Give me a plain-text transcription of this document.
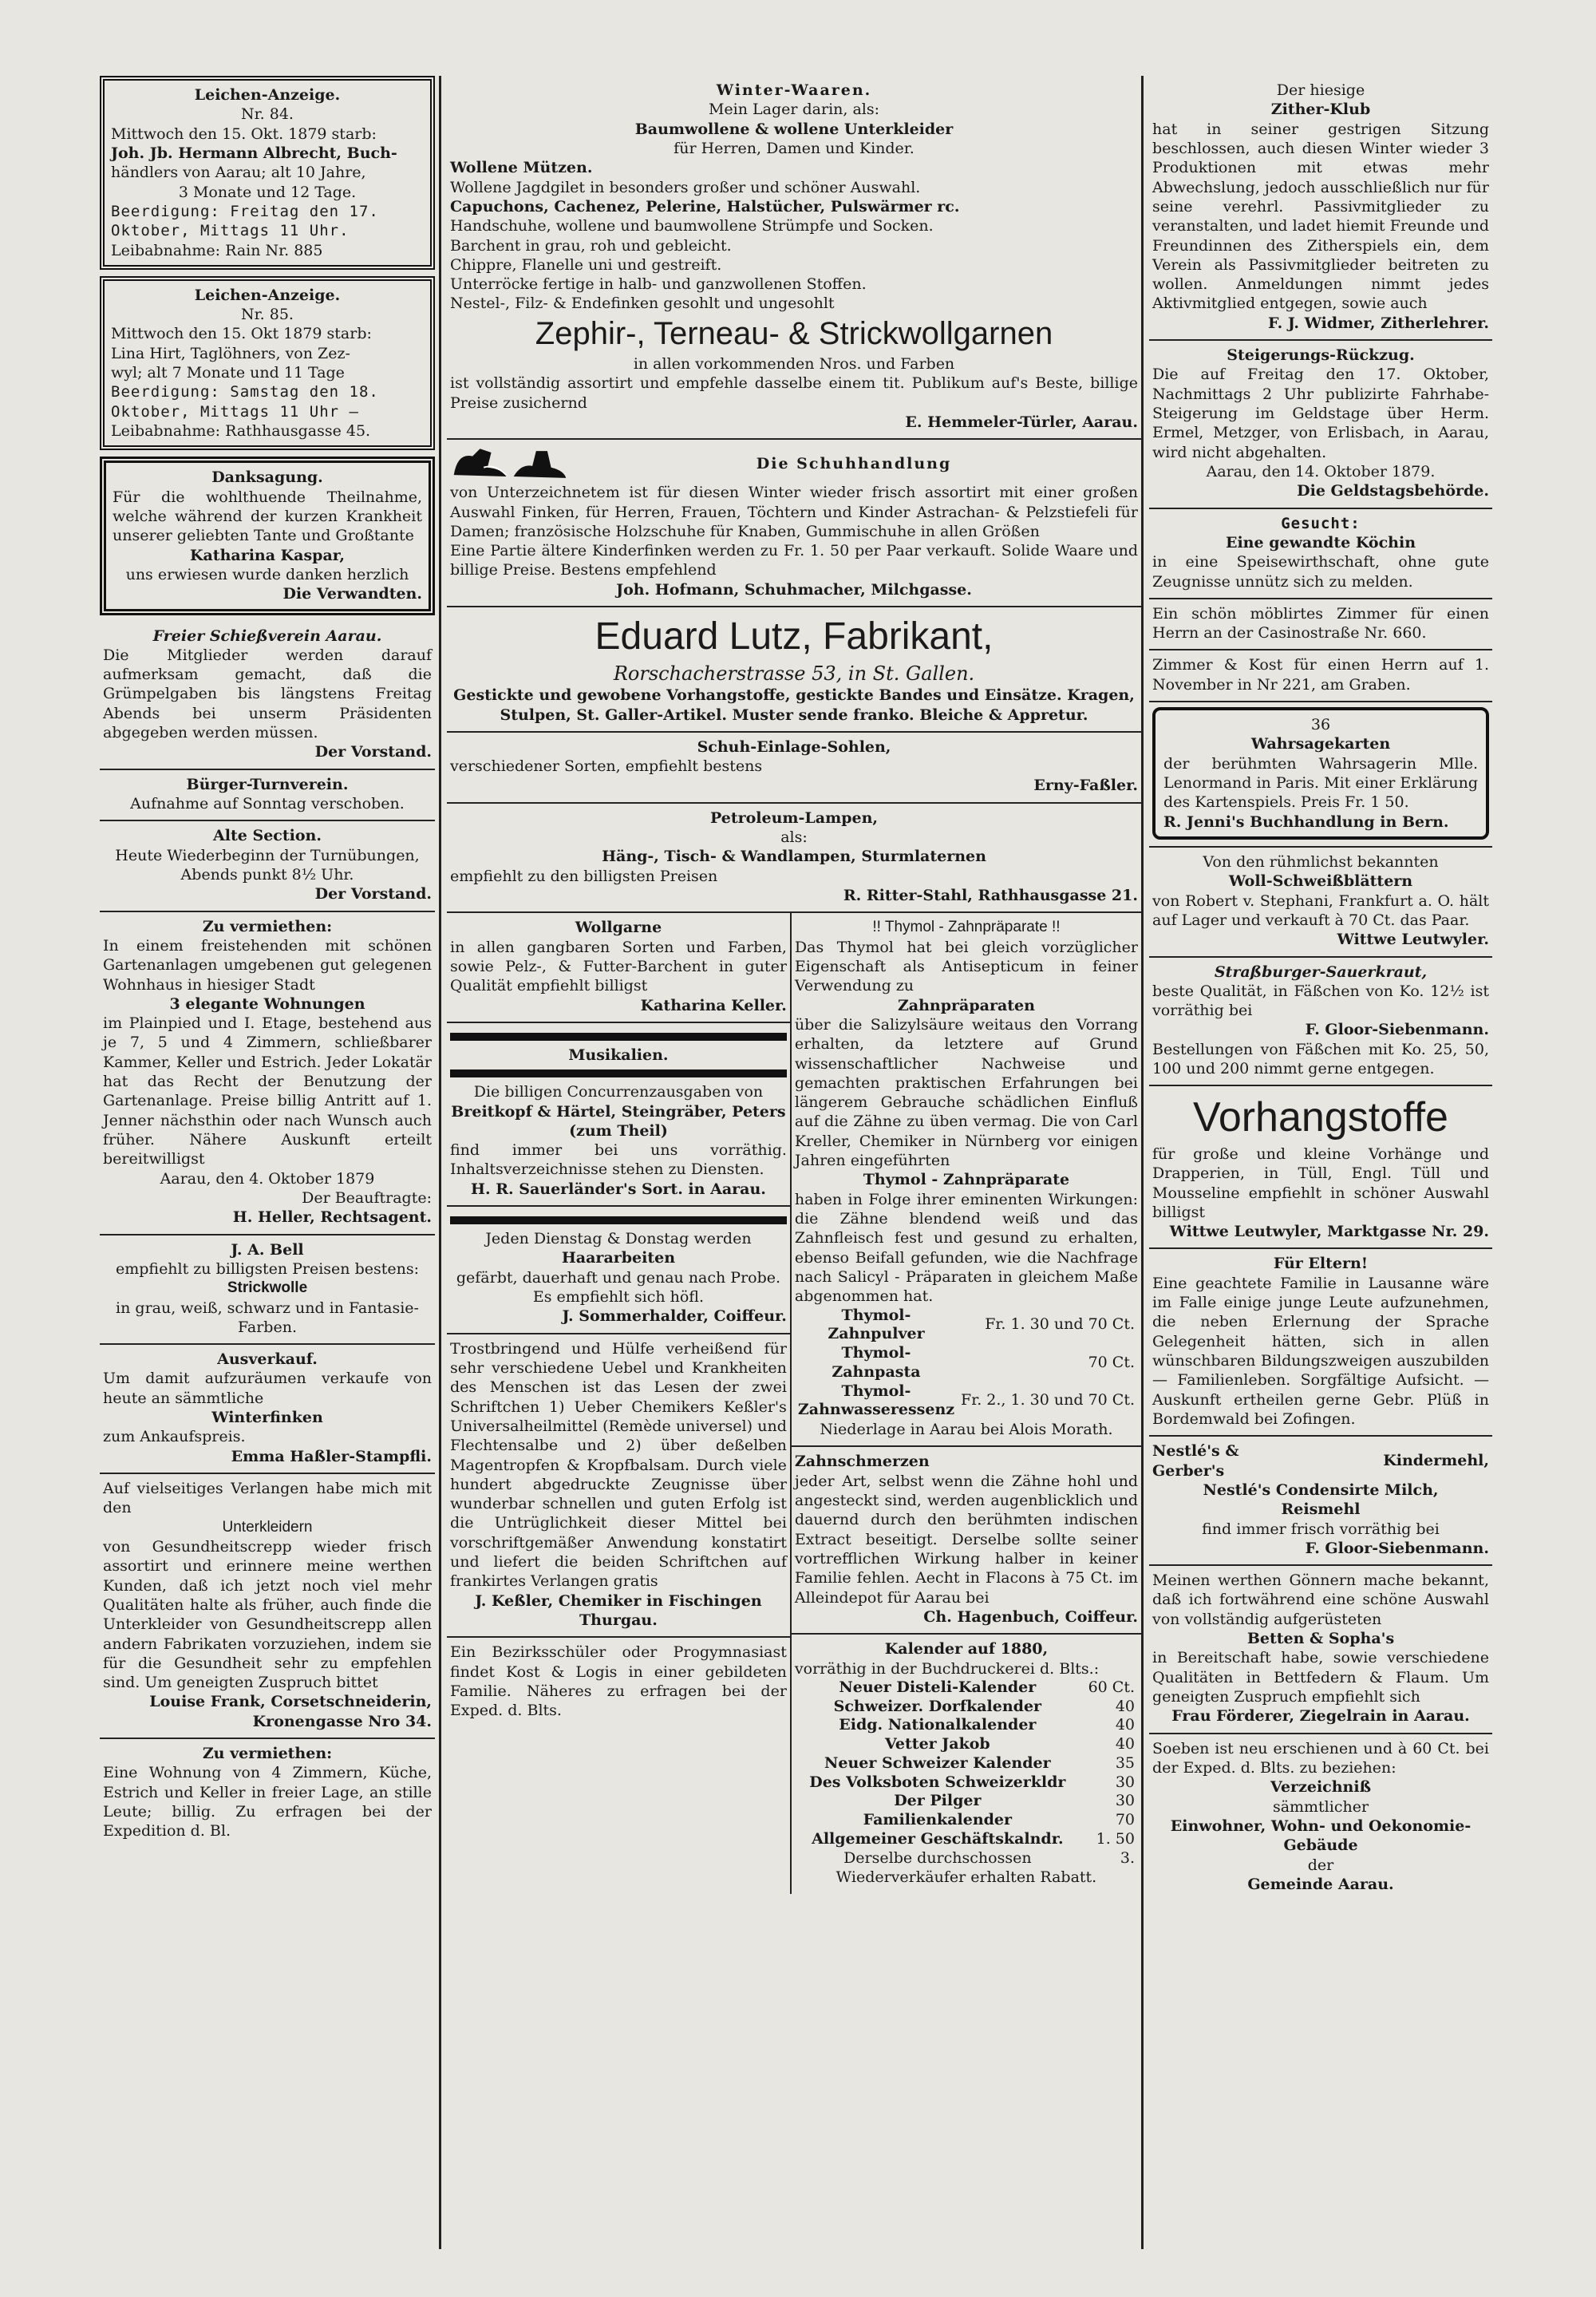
Leichen-Anzeige.

Nr. 84.

Mittwoch den 15. Okt. 1879 starb:

Joh. Jb. Hermann Albrecht, Buch-

händlers von Aarau; alt 10 Jahre,

3 Monate und 12 Tage.

Beerdigung: Freitag den 17.

Oktober, Mittags 11 Uhr.

Leibabnahme: Rain Nr. 885

Leichen-Anzeige.

Nr. 85.

Mittwoch den 15. Okt 1879 starb:

Lina Hirt, Taglöhners, von Zez-

wyl; alt 7 Monate und 11 Tage

Beerdigung: Samstag den 18.

Oktober, Mittags 11 Uhr —

Leibabnahme: Rathhausgasse 45.

Danksagung.

Für die wohlthuende Theilnahme, welche während der kurzen Krankheit unserer geliebten Tante und Großtante

Katharina Kaspar,

uns erwiesen wurde danken herzlich

Die Verwandten.

Freier Schießverein Aarau.

Die Mitglieder werden darauf aufmerksam gemacht, daß die Grümpelgaben bis längstens Freitag Abends bei unserm Präsidenten abgegeben werden müssen.

Der Vorstand.

Bürger-Turnverein.

Aufnahme auf Sonntag verschoben.

Alte Section.

Heute Wiederbeginn der Turnübungen, Abends punkt 8½ Uhr.

Der Vorstand.

Zu vermiethen:

In einem freistehenden mit schönen Gartenanlagen umgebenen gut gelegenen Wohnhaus in hiesiger Stadt

3 elegante Wohnungen

im Plainpied und I. Etage, bestehend aus je 7, 5 und 4 Zimmern, schließbarer Kammer, Keller und Estrich. Jeder Lokatär hat das Recht der Benutzung der Gartenanlage. Preise billig Antritt auf 1. Jenner nächsthin oder nach Wunsch auch früher. Nähere Auskunft erteilt bereitwilligst

Aarau, den 4. Oktober 1879

Der Beauftragte:

H. Heller, Rechtsagent.

J. A. Bell

empfiehlt zu billigsten Preisen bestens:

Strickwolle

in grau, weiß, schwarz und in Fantasie-Farben.

Ausverkauf.

Um damit aufzuräumen verkaufe von heute an sämmtliche

Winterfinken

zum Ankaufspreis.

Emma Haßler-Stampfli.

Auf vielseitiges Verlangen habe mich mit den

Unterkleidern

von Gesundheitscrepp wieder frisch assortirt und erinnere meine werthen Kunden, daß ich jetzt noch viel mehr Qualitäten halte als früher, auch finde die Unterkleider von Gesundheitscrepp allen andern Fabrikaten vorzuziehen, indem sie für die Gesundheit sehr zu empfehlen sind. Um geneigten Zuspruch bittet

Louise Frank, Corsetschneiderin, Kronengasse Nro 34.

Zu vermiethen:

Eine Wohnung von 4 Zimmern, Küche, Estrich und Keller in freier Lage, an stille Leute; billig. Zu erfragen bei der Expedition d. Bl.

Winter-Waaren.

Mein Lager darin, als:

Baumwollene & wollene Unterkleider

für Herren, Damen und Kinder.

Wollene Mützen.

Wollene Jagdgilet in besonders großer und schöner Auswahl.

Capuchons, Cachenez, Pelerine, Halstücher, Pulswärmer rc.

Handschuhe, wollene und baumwollene Strümpfe und Socken.

Barchent in grau, roh und gebleicht.

Chippre, Flanelle uni und gestreift.

Unterröcke fertige in halb- und ganzwollenen Stoffen.

Nestel-, Filz- & Endefinken gesohlt und ungesohlt

Zephir-, Terneau- & Strickwollgarnen

in allen vorkommenden Nros. und Farben

ist vollständig assortirt und empfehle dasselbe einem tit. Publikum auf's Beste, billige Preise zusichernd

E. Hemmeler-Türler, Aarau.

Die Schuhhandlung

von Unterzeichnetem ist für diesen Winter wieder frisch assortirt mit einer großen Auswahl Finken, für Herren, Frauen, Töchtern und Kinder Astrachan- & Pelzstiefeli für Damen; französische Holzschuhe für Knaben, Gummischuhe in allen Größen

Eine Partie ältere Kinderfinken werden zu Fr. 1. 50 per Paar verkauft. Solide Waare und billige Preise. Bestens empfehlend

Joh. Hofmann, Schuhmacher, Milchgasse.

Eduard Lutz, Fabrikant,

Rorschacherstrasse 53, in St. Gallen.

Gestickte und gewobene Vorhangstoffe, gestickte Bandes und Einsätze. Kragen, Stulpen, St. Galler-Artikel. Muster sende franko. Bleiche & Appretur.

Schuh-Einlage-Sohlen,

verschiedener Sorten, empfiehlt bestens

Erny-Faßler.

Petroleum-Lampen,

als:

Häng-, Tisch- & Wandlampen, Sturmlaternen

empfiehlt zu den billigsten Preisen

R. Ritter-Stahl, Rathhausgasse 21.

Wollgarne

in allen gangbaren Sorten und Farben, sowie Pelz-, & Futter-Barchent in guter Qualität empfiehlt billigst

Katharina Keller.

Musikalien.

Die billigen Concurrenzausgaben von

Breitkopf & Härtel, Steingräber, Peters (zum Theil)

find immer bei uns vorräthig. Inhaltsverzeichnisse stehen zu Diensten.

H. R. Sauerländer's Sort. in Aarau.

Jeden Dienstag & Donstag werden

Haararbeiten

gefärbt, dauerhaft und genau nach Probe. Es empfiehlt sich höfl.

J. Sommerhalder, Coiffeur.

Trostbringend und Hülfe verheißend für sehr verschiedene Uebel und Krankheiten des Menschen ist das Lesen der zwei Schriftchen 1) Ueber Chemikers Keßler's Universalheilmittel (Remède universel) und Flechtensalbe und 2) über deßelben Magentropfen & Kropfbalsam. Durch viele hundert abgedruckte Zeugnisse über wunderbar schnellen und guten Erfolg ist die Untrüglichkeit dieser Mittel bei vorschriftgemäßer Anwendung konstatirt und liefert die beiden Schriftchen auf frankirtes Verlangen gratis

J. Keßler, Chemiker in Fischingen Thurgau.

Ein Bezirksschüler oder Progymnasiast findet Kost & Logis in einer gebildeten Familie. Näheres zu erfragen bei der Exped. d. Blts.

!! Thymol - Zahnpräparate !!

Das Thymol hat bei gleich vorzüglicher Eigenschaft als Antisepticum in feiner Verwendung zu

Zahnpräparaten

über die Salizylsäure weitaus den Vorrang erhalten, da letztere auf Grund wissenschaftlicher Nachweise und gemachten praktischen Erfahrungen bei längerem Gebrauche schädlichen Einfluß auf die Zähne zu üben vermag. Die von Carl Kreller, Chemiker in Nürnberg vor einigen Jahren eingeführten

Thymol - Zahnpräparate

haben in Folge ihrer eminenten Wirkungen: die Zähne blendend weiß und das Zahnfleisch fest und gesund zu erhalten, ebenso Beifall gefunden, wie die Nachfrage nach Salicyl - Präparaten in gleichem Maße abgenommen hat.

Thymol-Zahnpulver	Fr. 1. 30 und 70 Ct.
Thymol-Zahnpasta	70 Ct.
Thymol-Zahnwasseressenz	Fr. 2., 1. 30 und 70 Ct.

Niederlage in Aarau bei Alois Morath.

Zahnschmerzen

jeder Art, selbst wenn die Zähne hohl und angesteckt sind, werden augenblicklich und dauernd durch den berühmten indischen Extract beseitigt. Derselbe sollte seiner vortrefflichen Wirkung halber in keiner Familie fehlen. Aecht in Flacons à 75 Ct. im Alleindepot für Aarau bei

Ch. Hagenbuch, Coiffeur.

Kalender auf 1880,

vorräthig in der Buchdruckerei d. Blts.:

Neuer Disteli-Kalender	60 Ct.
Schweizer. Dorfkalender	40
Eidg. Nationalkalender	40
Vetter Jakob	40
Neuer Schweizer Kalender	35
Des Volksboten Schweizerkldr	30
Der Pilger	30
Familienkalender	70
Allgemeiner Geschäftskalndr.	1. 50
Derselbe durchschossen	3.

Wiederverkäufer erhalten Rabatt.

Der hiesige

Zither-Klub

hat in seiner gestrigen Sitzung beschlossen, auch diesen Winter wieder 3 Produktionen mit etwas mehr Abwechslung, jedoch ausschließlich nur für seine verehrl. Passivmitglieder zu veranstalten, und ladet hiemit Freunde und Freundinnen des Zitherspiels ein, dem Verein als Passivmitglieder beitreten zu wollen. Anmeldungen nimmt jedes Aktivmitglied entgegen, sowie auch

F. J. Widmer, Zitherlehrer.

Steigerungs-Rückzug.

Die auf Freitag den 17. Oktober, Nachmittags 2 Uhr publizirte Fahrhabe-Steigerung im Geldstage über Herm. Ermel, Metzger, von Erlisbach, in Aarau, wird nicht abgehalten.

Aarau, den 14. Oktober 1879.

Die Geldstagsbehörde.

Gesucht:

Eine gewandte Köchin

in eine Speisewirthschaft, ohne gute Zeugnisse unnütz sich zu melden.

Ein schön möblirtes Zimmer für einen Herrn an der Casinostraße Nr. 660.

Zimmer & Kost für einen Herrn auf 1. November in Nr 221, am Graben.

36

Wahrsagekarten

der berühmten Wahrsagerin Mlle. Lenormand in Paris. Mit einer Erklärung des Kartenspiels. Preis Fr. 1 50.

R. Jenni's Buchhandlung in Bern.

Von den rühmlichst bekannten

Woll-Schweißblättern

von Robert v. Stephani, Frankfurt a. O. hält auf Lager und verkauft à 70 Ct. das Paar.

Wittwe Leutwyler.

Straßburger-Sauerkraut,

beste Qualität, in Fäßchen von Ko. 12½ ist vorräthig bei

F. Gloor-Siebenmann.

Bestellungen von Fäßchen mit Ko. 25, 50, 100 und 200 nimmt gerne entgegen.

Vorhangstoffe

für große und kleine Vorhänge und Drapperien, in Tüll, Engl. Tüll und Mousseline empfiehlt in schöner Auswahl billigst

Wittwe Leutwyler, Marktgasse Nr. 29.

Für Eltern!

Eine geachtete Familie in Lausanne wäre im Falle einige junge Leute aufzunehmen, die neben Erlernung der Sprache Gelegenheit hätten, sich in allen wünschbaren Bildungszweigen auszubilden — Familienleben. Sorgfältige Aufsicht. — Auskunft ertheilen gerne Gebr. Plüß in Bordemwald bei Zofingen.

Nestlé's & Gerber's

Kindermehl,

Nestlé's Condensirte Milch,

Reismehl

find immer frisch vorräthig bei

F. Gloor-Siebenmann.

Meinen werthen Gönnern mache bekannt, daß ich fortwährend eine schöne Auswahl von vollständig aufgerüsteten

Betten & Sopha's

in Bereitschaft habe, sowie verschiedene Qualitäten in Bettfedern & Flaum. Um geneigten Zuspruch empfiehlt sich

Frau Förderer, Ziegelrain in Aarau.

Soeben ist neu erschienen und à 60 Ct. bei der Exped. d. Blts. zu beziehen:

Verzeichniß

sämmtlicher

Einwohner, Wohn- und Oekonomie-Gebäude

der

Gemeinde Aarau.
